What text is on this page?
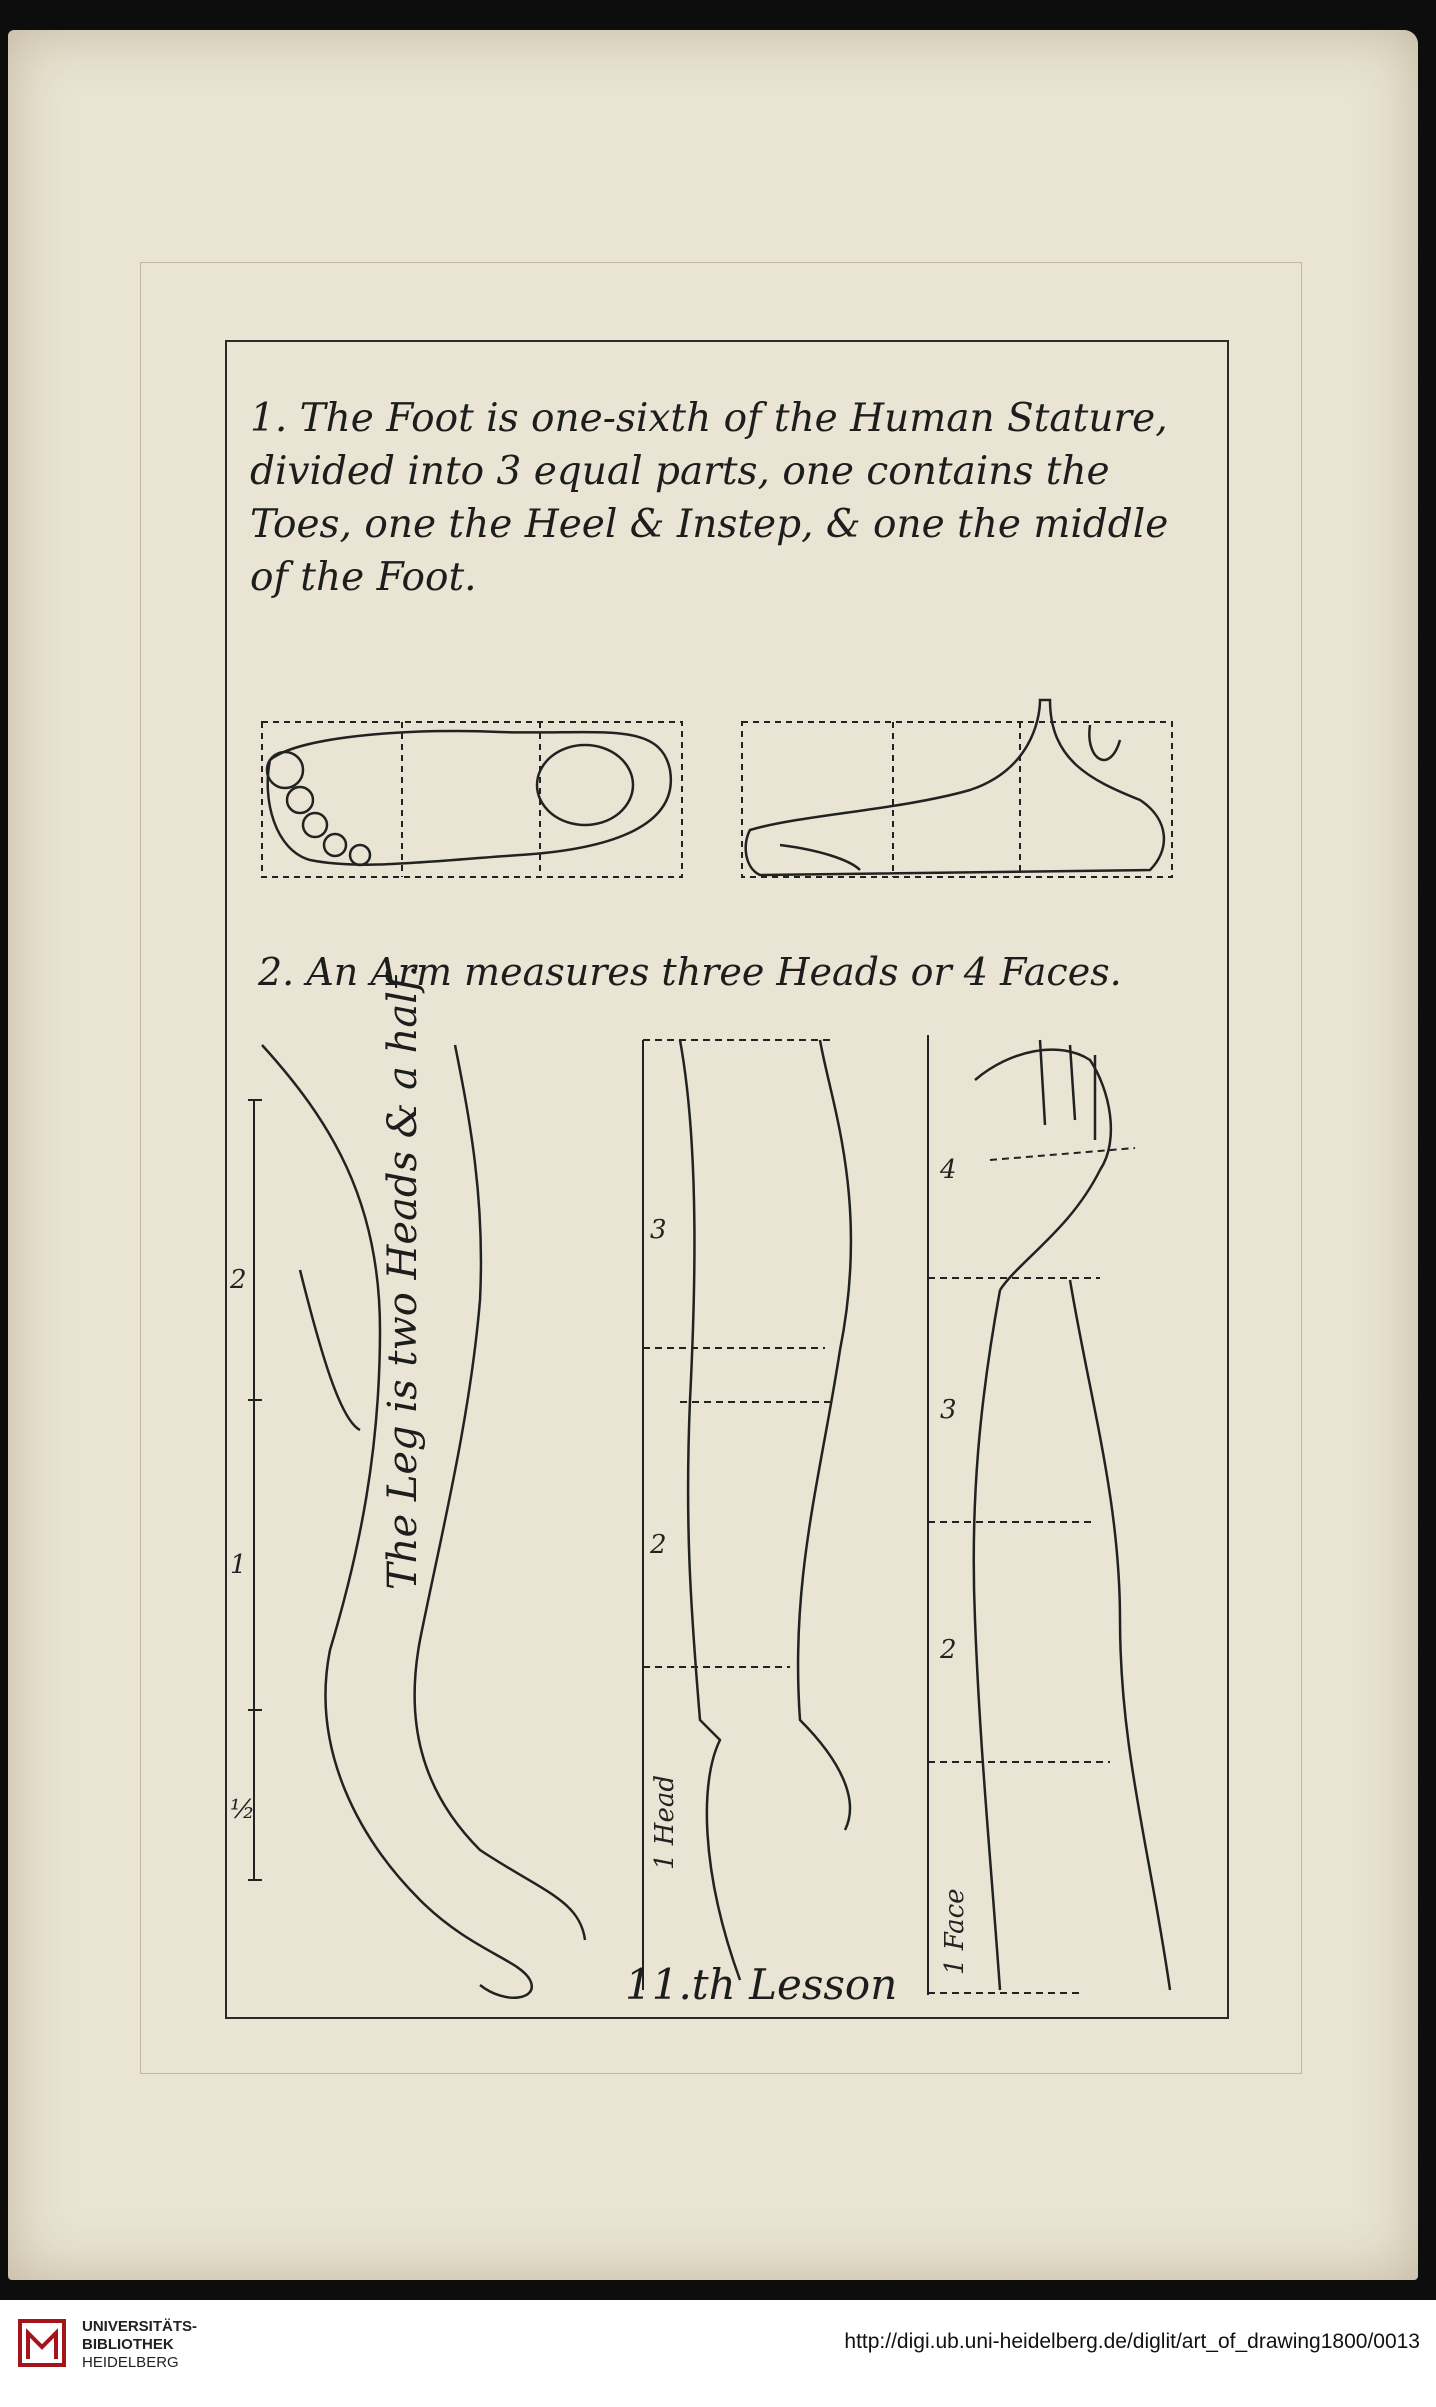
1. The Foot is one-sixth of the Human Stature, divided into 3 equal parts, one contains the Toes, one the Heel & Instep, & one the middle of the Foot.
2. An Arm measures three Heads or 4 Faces.
The Leg is two Heads & a half.
2
1
½
3
2
1 Head
4
3
2
1 Face
11.th Lesson
UNIVERSITÄTS-
BIBLIOTHEK
HEIDELBERG
http://digi.ub.uni-heidelberg.de/diglit/art_of_drawing1800/0013
